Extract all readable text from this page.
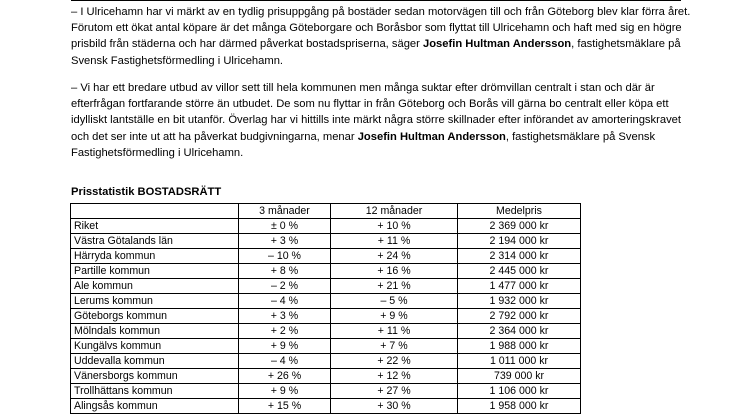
– I Ulricehamn har vi märkt av en tydlig prisuppgång på bostäder sedan motorvägen till och från Göteborg blev klar förra året. Förutom ett ökat antal köpare är det många Göteborgare och Boråsbor som flyttat till Ulricehamn och haft med sig en högre prisbild från städerna och har därmed påverkat bostadspriserna, säger Josefin Hultman Andersson, fastighetsmäklare på Svensk Fastighetsförmedling i Ulricehamn.

– Vi har ett bredare utbud av villor sett till hela kommunen men många suktar efter drömvillan centralt i stan och där är efterfrågan fortfarande större än utbudet. De som nu flyttar in från Göteborg och Borås vill gärna bo centralt eller köpa ett idylliskt lantställe en bit utanför. Överlag har vi hittills inte märkt några större skillnader efter införandet av amorteringskravet och det ser inte ut att ha påverkat budgivningarna, menar Josefin Hultman Andersson, fastighetsmäklare på Svensk Fastighetsförmedling i Ulricehamn.

Prisstatistik BOSTADSRÄTT
	3 månader	12 månader	Medelpris
Riket	± 0 %	+ 10 %	2 369 000 kr
Västra Götalands län	+ 3 %	+ 11 %	2 194 000 kr
Härryda kommun	– 10 %	+ 24 %	2 314 000 kr
Partille kommun	+ 8 %	+ 16 %	2 445 000 kr
Ale kommun	– 2 %	+ 21 %	1 477 000 kr
Lerums kommun	– 4 %	– 5 %	1 932 000 kr
Göteborgs kommun	+ 3 %	+ 9 %	2 792 000 kr
Mölndals kommun	+ 2 %	+ 11 %	2 364 000 kr
Kungälvs kommun	+ 9 %	+ 7 %	1 988 000 kr
Uddevalla kommun	– 4 %	+ 22 %	1 011 000 kr
Vänersborgs kommun	+ 26 %	+ 12 %	739 000 kr
Trollhättans kommun	+ 9 %	+ 27 %	1 106 000 kr
Alingsås kommun	+ 15 %	+ 30 %	1 958 000 kr
